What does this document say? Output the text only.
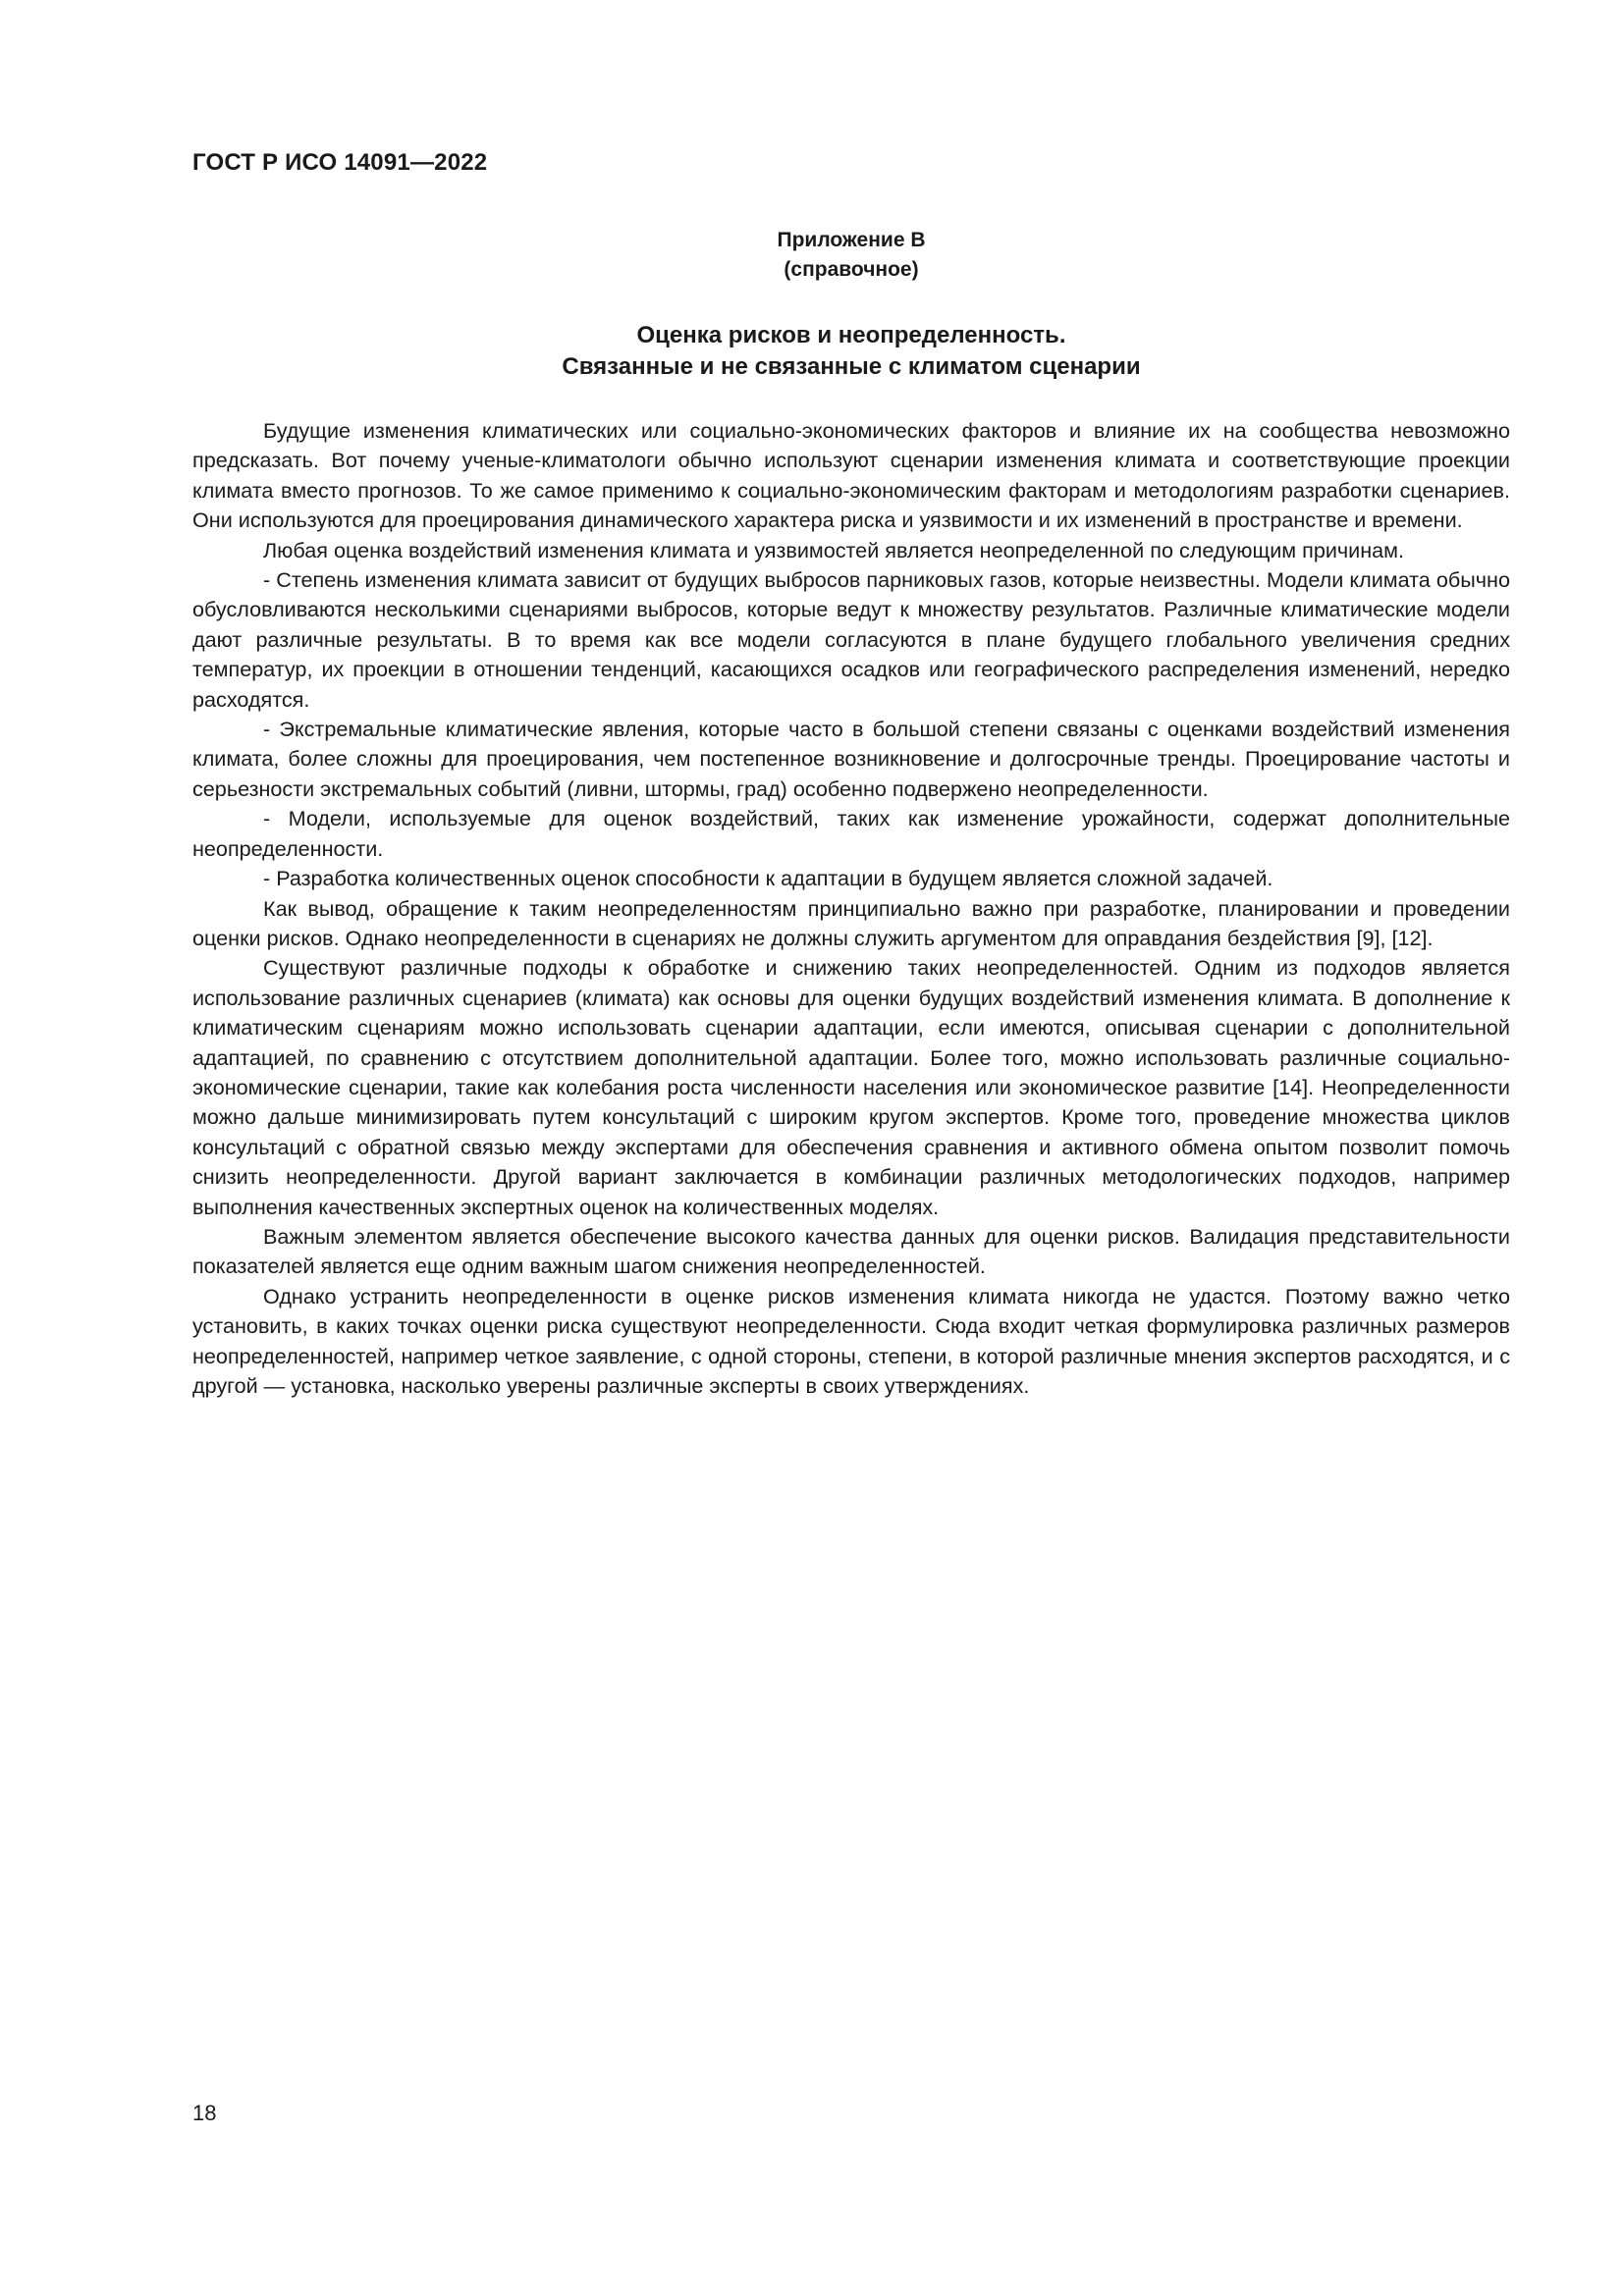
ГОСТ Р ИСО 14091—2022
Приложение В
(справочное)
Оценка рисков и неопределенность.
Связанные и не связанные с климатом сценарии

Будущие изменения климатических или социально-экономических факторов и влияние их на сообщества невозможно предсказать. Вот почему ученые-климатологи обычно используют сценарии изменения климата и соответствующие проекции климата вместо прогнозов. То же самое применимо к социально-экономическим факторам и методологиям разработки сценариев. Они используются для проецирования динамического характера риска и уязвимости и их изменений в пространстве и времени.

Любая оценка воздействий изменения климата и уязвимостей является неопределенной по следующим причинам.

- Степень изменения климата зависит от будущих выбросов парниковых газов, которые неизвестны. Модели климата обычно обусловливаются несколькими сценариями выбросов, которые ведут к множеству результатов. Различные климатические модели дают различные результаты. В то время как все модели согласуются в плане будущего глобального увеличения средних температур, их проекции в отношении тенденций, касающихся осадков или географического распределения изменений, нередко расходятся.

- Экстремальные климатические явления, которые часто в большой степени связаны с оценками воздействий изменения климата, более сложны для проецирования, чем постепенное возникновение и долгосрочные тренды. Проецирование частоты и серьезности экстремальных событий (ливни, штормы, град) особенно подвержено неопределенности.

- Модели, используемые для оценок воздействий, таких как изменение урожайности, содержат дополнительные неопределенности.

- Разработка количественных оценок способности к адаптации в будущем является сложной задачей.

Как вывод, обращение к таким неопределенностям принципиально важно при разработке, планировании и проведении оценки рисков. Однако неопределенности в сценариях не должны служить аргументом для оправдания бездействия [9], [12].

Существуют различные подходы к обработке и снижению таких неопределенностей. Одним из подходов является использование различных сценариев (климата) как основы для оценки будущих воздействий изменения климата. В дополнение к климатическим сценариям можно использовать сценарии адаптации, если имеются, описывая сценарии с дополнительной адаптацией, по сравнению с отсутствием дополнительной адаптации. Более того, можно использовать различные социально-экономические сценарии, такие как колебания роста численности населения или экономическое развитие [14]. Неопределенности можно дальше минимизировать путем консультаций с широким кругом экспертов. Кроме того, проведение множества циклов консультаций с обратной связью между экспертами для обеспечения сравнения и активного обмена опытом позволит помочь снизить неопределенности. Другой вариант заключается в комбинации различных методологических подходов, например выполнения качественных экспертных оценок на количественных моделях.

Важным элементом является обеспечение высокого качества данных для оценки рисков. Валидация представительности показателей является еще одним важным шагом снижения неопределенностей.

Однако устранить неопределенности в оценке рисков изменения климата никогда не удастся. Поэтому важно четко установить, в каких точках оценки риска существуют неопределенности. Сюда входит четкая формулировка различных размеров неопределенностей, например четкое заявление, с одной стороны, степени, в которой различные мнения экспертов расходятся, и с другой — установка, насколько уверены различные эксперты в своих утверждениях.

18
